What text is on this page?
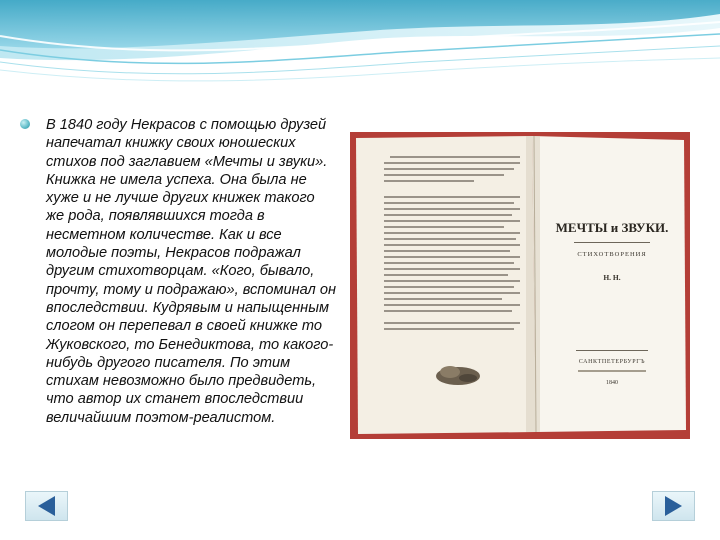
В 1840 году Некрасов с помощью друзей напечатал книжку своих юношеских стихов под заглавием «Мечты и звуки». Книжка не имела успеха. Она была не хуже и не лучше других книжек такого же рода, появлявшихся тогда в несметном количестве. Как и все молодые поэты, Некрасов подражал другим стихотворцам. «Кого, бывало, прочту, тому и подражаю», вспоминал он впоследствии. Кудрявым и напыщенным слогом он перепевал в своей книжке то Жуковского, то Бенедиктова, то какого-нибудь другого писателя. По этим стихам невозможно было предвидеть, что автор их станет впоследствии величайшим поэтом-реалистом.

МЕЧТЫ и ЗВУКИ.
СТИХОТВОРЕНИЯ
Н. Н.
САНКТПЕТЕРБУРГЪ
1840
